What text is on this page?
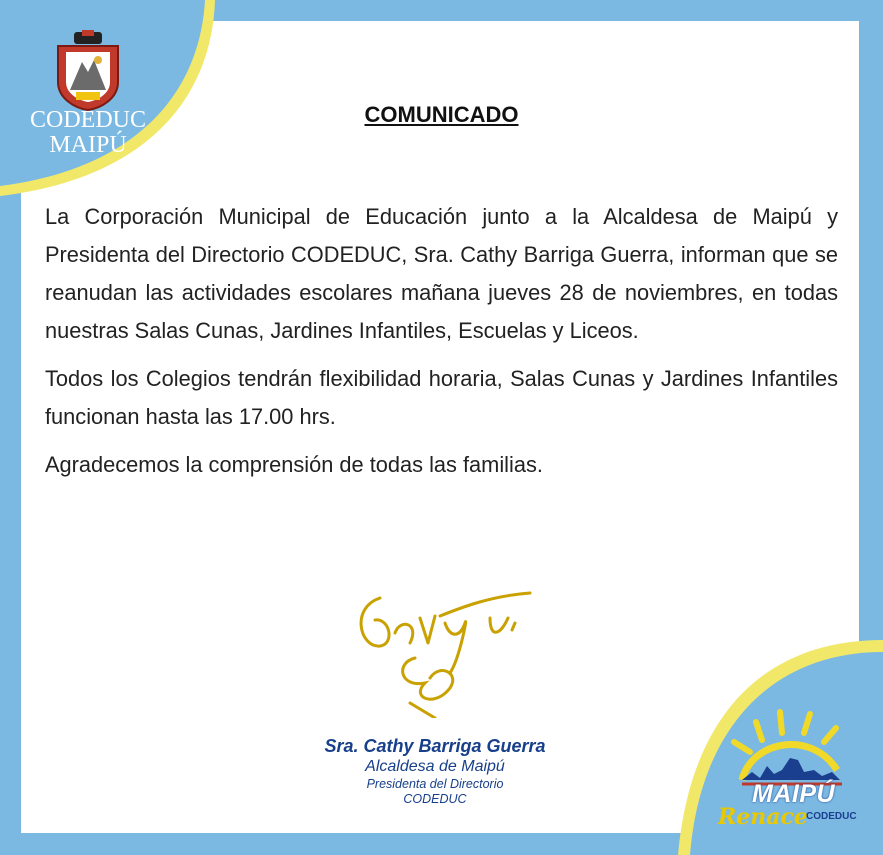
CODEDUC
MAIPÚ
COMUNICADO

La Corporación Municipal de Educación junto a la Alcaldesa de Maipú y Presidenta del Directorio CODEDUC, Sra. Cathy Barriga Guerra, informan que se reanudan las actividades escolares mañana jueves 28 de noviembres, en todas nuestras Salas Cunas, Jardines Infantiles, Escuelas y Liceos.

Todos los Colegios tendrán flexibilidad horaria, Salas Cunas y Jardines Infantiles funcionan hasta las 17.00 hrs.

Agradecemos la comprensión de todas las familias.

Sra. Cathy Barriga Guerra
Alcaldesa de Maipú
Presidenta del Directorio
CODEDUC	MAIPÚ
Renace
CODEDUC
